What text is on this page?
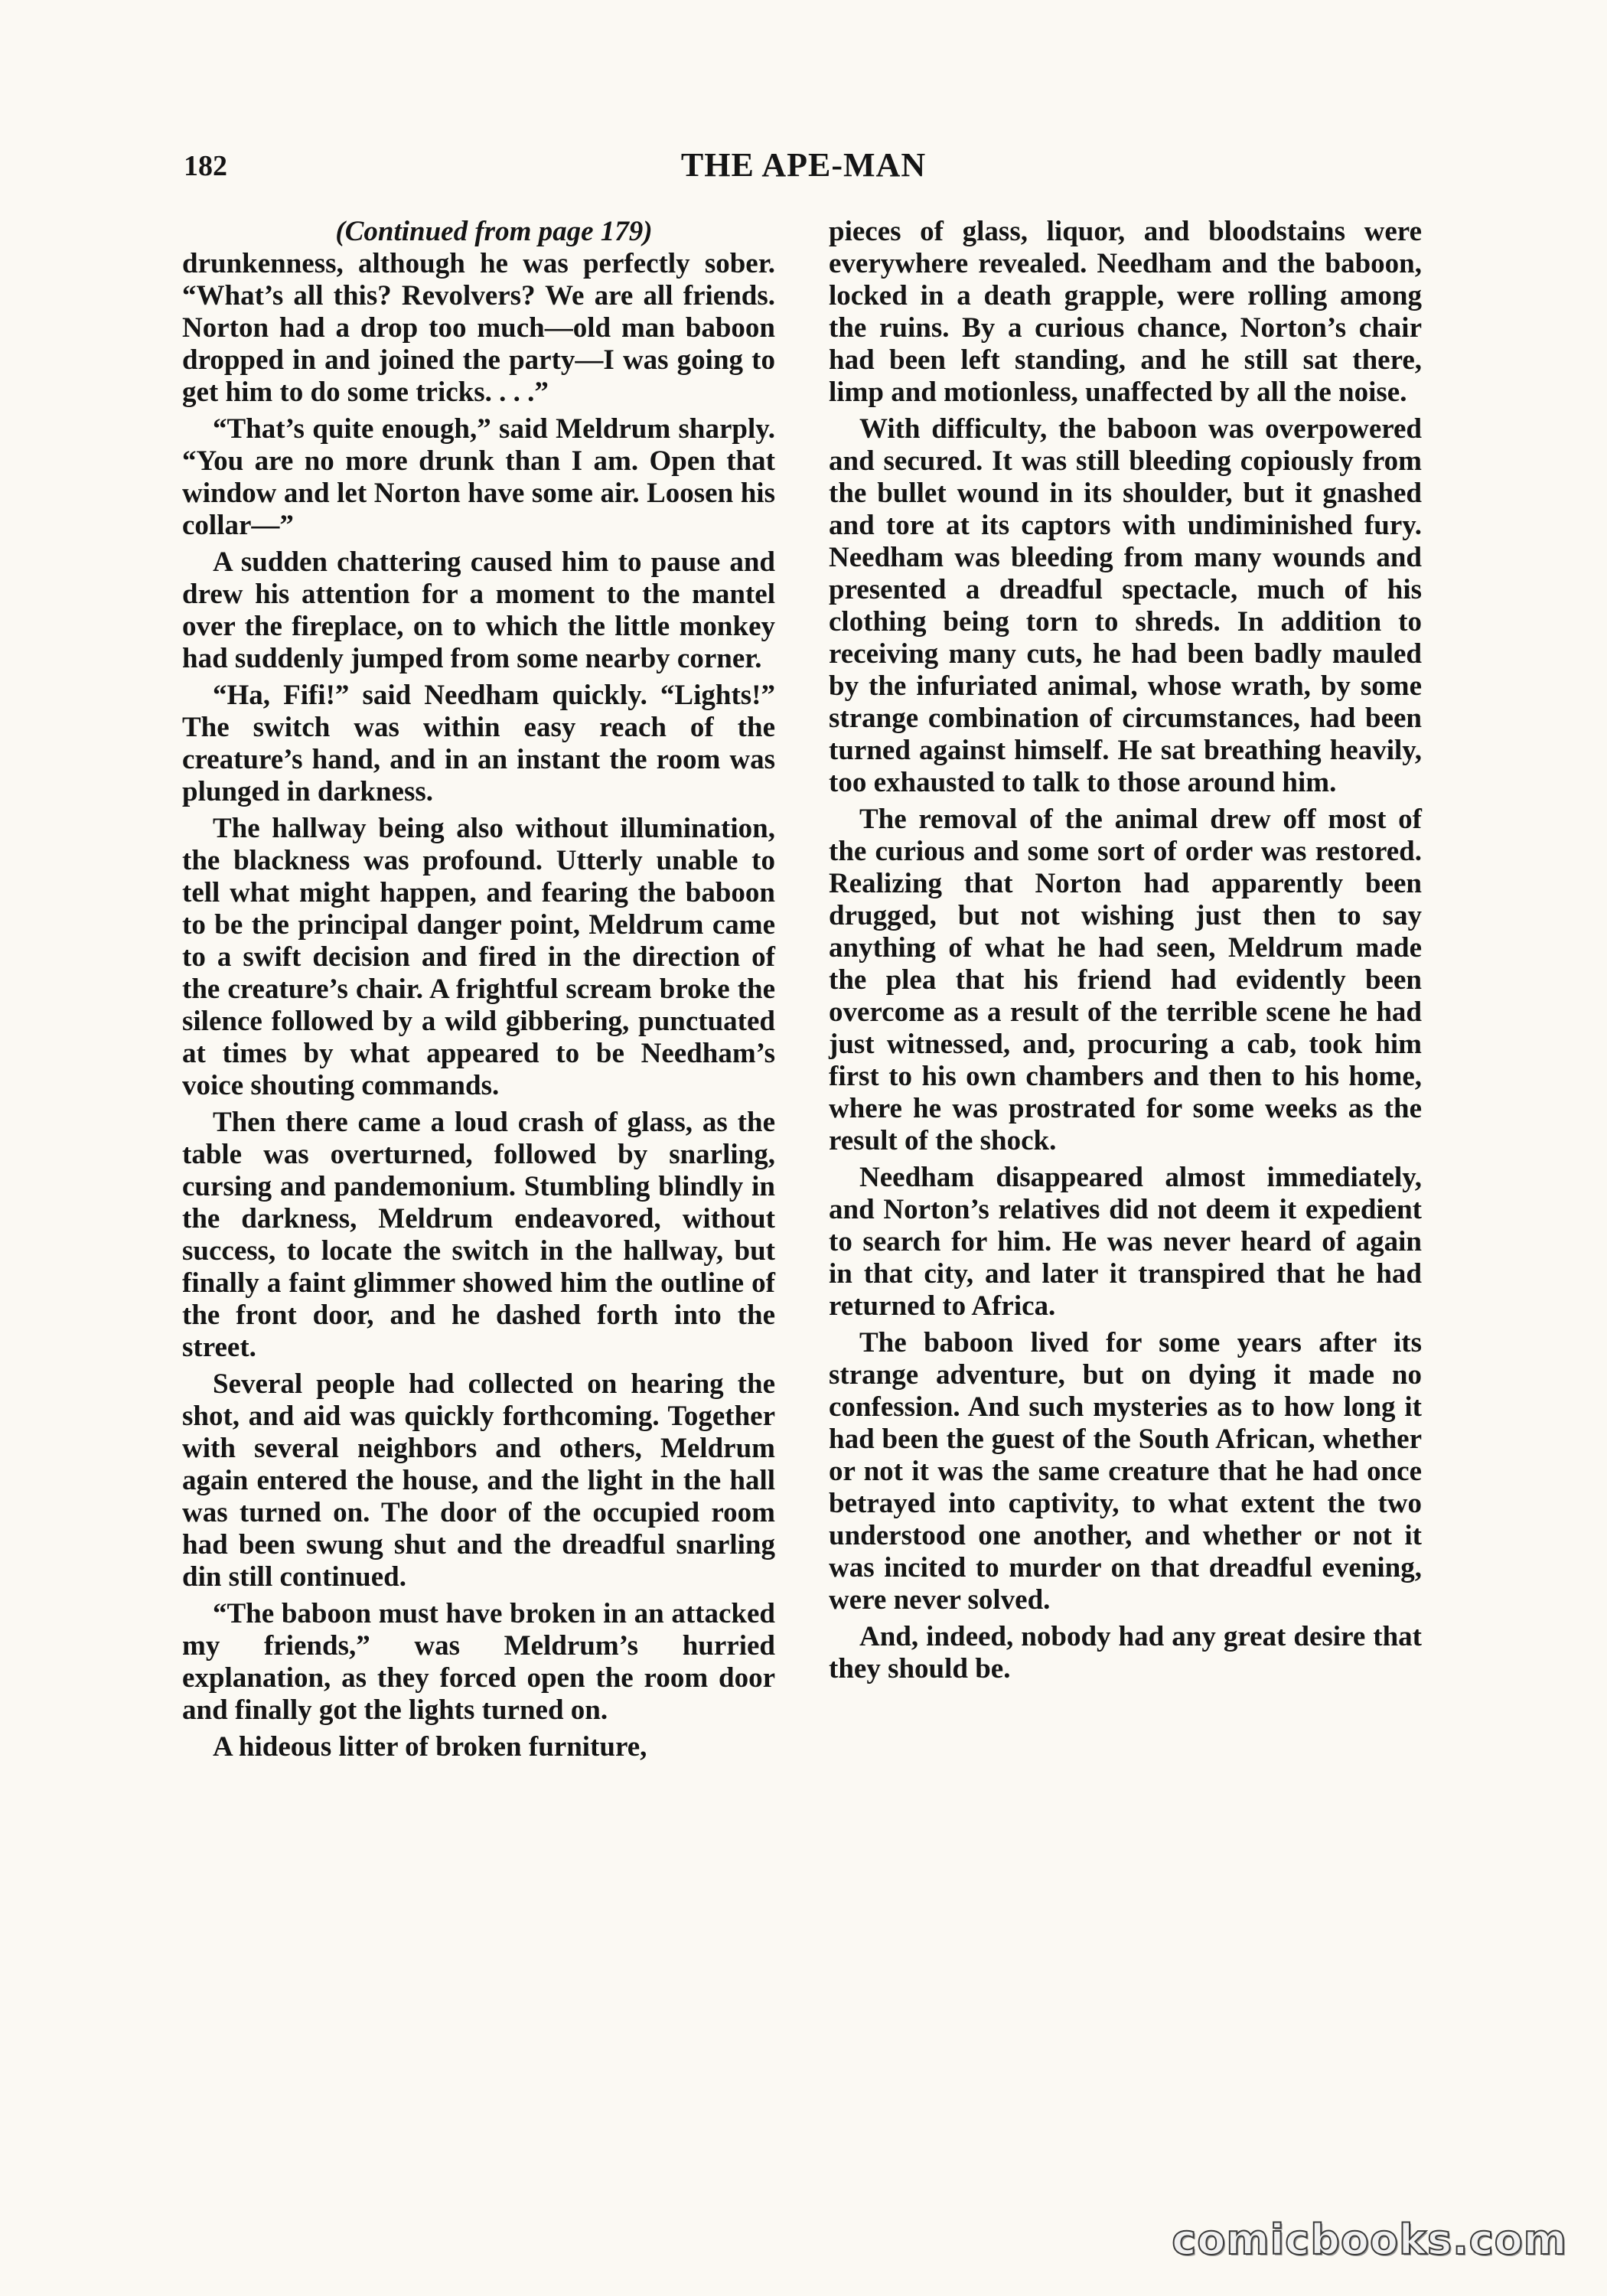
182	THE APE-MAN
(Continued from page 179)

drunkenness, although he was perfectly sober. “What’s all this? Revolvers? We are all friends. Norton had a drop too much—old man baboon dropped in and joined the party—I was going to get him to do some tricks. . . .”

“That’s quite enough,” said Meldrum sharply. “You are no more drunk than I am. Open that window and let Norton have some air. Loosen his collar—”

A sudden chattering caused him to pause and drew his attention for a moment to the mantel over the fireplace, on to which the little monkey had suddenly jumped from some nearby corner.

“Ha, Fifi!” said Needham quickly. “Lights!” The switch was within easy reach of the creature’s hand, and in an instant the room was plunged in darkness.

The hallway being also without illumination, the blackness was profound. Utterly unable to tell what might happen, and fearing the baboon to be the principal danger point, Meldrum came to a swift decision and fired in the direction of the creature’s chair. A frightful scream broke the silence followed by a wild gibbering, punctuated at times by what appeared to be Needham’s voice shouting commands.

Then there came a loud crash of glass, as the table was overturned, followed by snarling, cursing and pandemonium. Stumbling blindly in the darkness, Meldrum endeavored, without success, to locate the switch in the hallway, but finally a faint glimmer showed him the outline of the front door, and he dashed forth into the street.

Several people had collected on hearing the shot, and aid was quickly forthcoming. Together with several neighbors and others, Meldrum again entered the house, and the light in the hall was turned on. The door of the occupied room had been swung shut and the dreadful snarling din still continued.

“The baboon must have broken in an attacked my friends,” was Meldrum’s hurried explanation, as they forced open the room door and finally got the lights turned on.

A hideous litter of broken furniture,

pieces of glass, liquor, and bloodstains were everywhere revealed. Needham and the baboon, locked in a death grapple, were rolling among the ruins. By a curious chance, Norton’s chair had been left standing, and he still sat there, limp and motionless, unaffected by all the noise.

With difficulty, the baboon was overpowered and secured. It was still bleeding copiously from the bullet wound in its shoulder, but it gnashed and tore at its captors with undiminished fury. Needham was bleeding from many wounds and presented a dreadful spectacle, much of his clothing being torn to shreds. In addition to receiving many cuts, he had been badly mauled by the infuriated animal, whose wrath, by some strange combination of circumstances, had been turned against himself. He sat breathing heavily, too exhausted to talk to those around him.

The removal of the animal drew off most of the curious and some sort of order was restored. Realizing that Norton had apparently been drugged, but not wishing just then to say anything of what he had seen, Meldrum made the plea that his friend had evidently been overcome as a result of the terrible scene he had just witnessed, and, procuring a cab, took him first to his own chambers and then to his home, where he was prostrated for some weeks as the result of the shock.

Needham disappeared almost immediately, and Norton’s relatives did not deem it expedient to search for him. He was never heard of again in that city, and later it transpired that he had returned to Africa.

The baboon lived for some years after its strange adventure, but on dying it made no confession. And such mysteries as to how long it had been the guest of the South African, whether or not it was the same creature that he had once betrayed into captivity, to what extent the two understood one another, and whether or not it was incited to murder on that dreadful evening, were never solved.

And, indeed, nobody had any great desire that they should be.

comicbooks.com
